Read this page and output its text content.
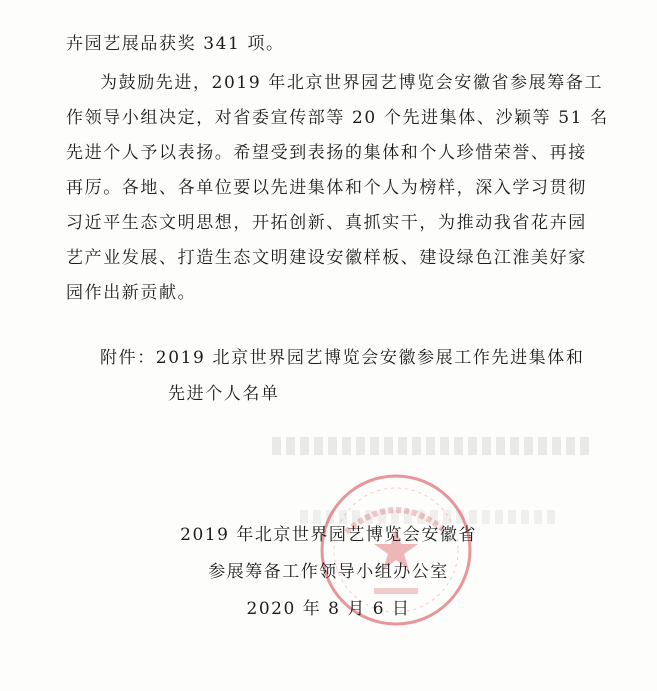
卉园艺展品获奖 341 项。
为鼓励先进，2019 年北京世界园艺博览会安徽省参展筹备工
作领导小组决定，对省委宣传部等 20 个先进集体、沙颖等 51 名
先进个人予以表扬。希望受到表扬的集体和个人珍惜荣誉、再接
再厉。各地、各单位要以先进集体和个人为榜样，深入学习贯彻
习近平生态文明思想，开拓创新、真抓实干，为推动我省花卉园
艺产业发展、打造生态文明建设安徽样板、建设绿色江淮美好家
园作出新贡献。
附件：2019 北京世界园艺博览会安徽参展工作先进集体和
先进个人名单
2019 年北京世界园艺博览会安徽省
参展筹备工作领导小组办公室
2020 年 8 月 6 日
